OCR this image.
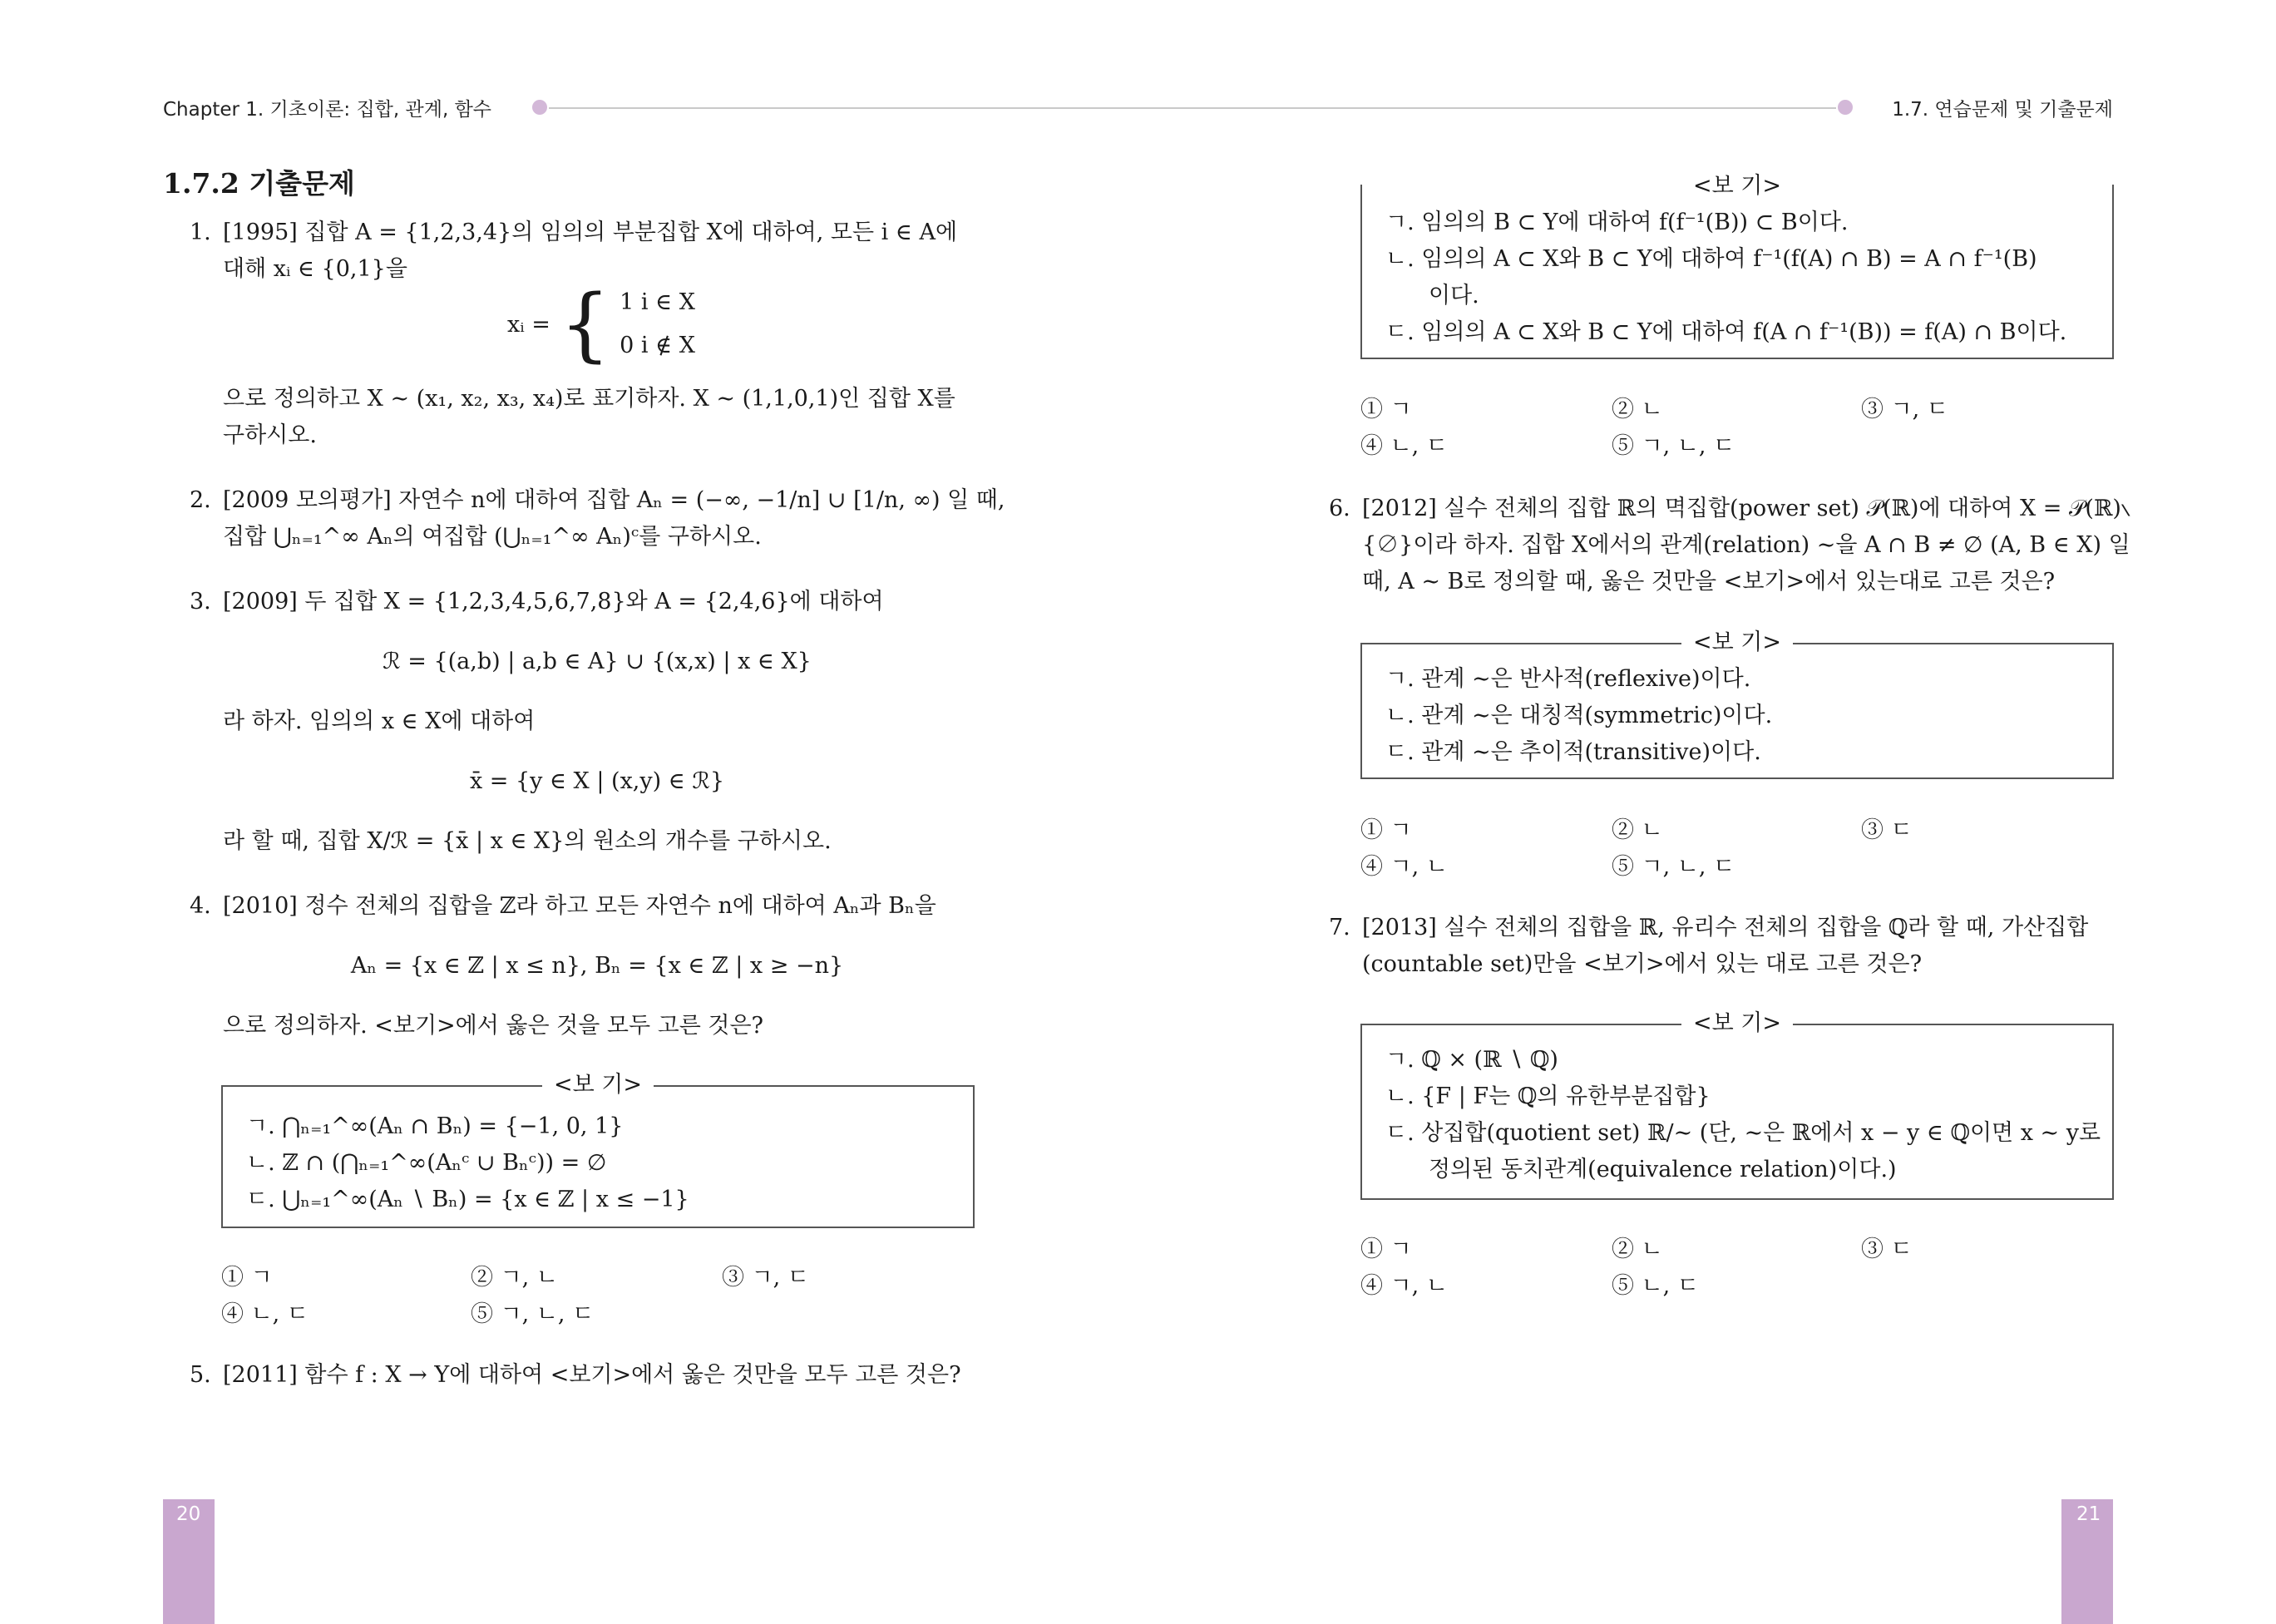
Chapter 1. 기초이론: 집합, 관계, 함수	1.7. 연습문제 및 기출문제
1.7.2 기출문제
1. [1995] 집합 A = {1,2,3,4}의 임의의 부분집합 X에 대하여, 모든 i ∈ A에
대해 xᵢ ∈ {0,1}을
xᵢ = { 1 i ∈ X
0 i ∉ X
으로 정의하고 X ∼ (x₁, x₂, x₃, x₄)로 표기하자. X ∼ (1,1,0,1)인 집합 X를
구하시오.
2. [2009 모의평가] 자연수 n에 대하여 집합 Aₙ = (−∞, −1/n] ∪ [1/n, ∞) 일 때,
집합 ⋃ₙ₌₁^∞ Aₙ의 여집합 (⋃ₙ₌₁^∞ Aₙ)ᶜ를 구하시오.
3. [2009] 두 집합 X = {1,2,3,4,5,6,7,8}와 A = {2,4,6}에 대하여
ℛ = {(a,b) | a,b ∈ A} ∪ {(x,x) | x ∈ X}
라 하자. 임의의 x ∈ X에 대하여
x̄ = {y ∈ X | (x,y) ∈ ℛ}
라 할 때, 집합 X/ℛ = {x̄ | x ∈ X}의 원소의 개수를 구하시오.
4. [2010] 정수 전체의 집합을 ℤ라 하고 모든 자연수 n에 대하여 Aₙ과 Bₙ을
Aₙ = {x ∈ ℤ | x ≤ n}, Bₙ = {x ∈ ℤ | x ≥ −n}
으로 정의하자. <보기>에서 옳은 것을 모두 고른 것은?
<보 기>
ㄱ. ⋂ₙ₌₁^∞(Aₙ ∩ Bₙ) = {−1, 0, 1}
ㄴ. ℤ ∩ (⋂ₙ₌₁^∞(Aₙᶜ ∪ Bₙᶜ)) = ∅
ㄷ. ⋃ₙ₌₁^∞(Aₙ ∖ Bₙ) = {x ∈ ℤ | x ≤ −1}
① ㄱ	② ㄱ, ㄴ	③ ㄱ, ㄷ
④ ㄴ, ㄷ	⑤ ㄱ, ㄴ, ㄷ
5. [2011] 함수 f : X → Y에 대하여 <보기>에서 옳은 것만을 모두 고른 것은?
20
<보 기>
ㄱ. 임의의 B ⊂ Y에 대하여 f(f⁻¹(B)) ⊂ B이다.
ㄴ. 임의의 A ⊂ X와 B ⊂ Y에 대하여 f⁻¹(f(A) ∩ B) = A ∩ f⁻¹(B)
이다.
ㄷ. 임의의 A ⊂ X와 B ⊂ Y에 대하여 f(A ∩ f⁻¹(B)) = f(A) ∩ B이다.
① ㄱ	② ㄴ	③ ㄱ, ㄷ
④ ㄴ, ㄷ	⑤ ㄱ, ㄴ, ㄷ
6. [2012] 실수 전체의 집합 ℝ의 멱집합(power set) 𝒫(ℝ)에 대하여 X = 𝒫(ℝ)∖
{∅}이라 하자. 집합 X에서의 관계(relation) ∼을 A ∩ B ≠ ∅ (A, B ∈ X) 일
때, A ∼ B로 정의할 때, 옳은 것만을 <보기>에서 있는대로 고른 것은?
<보 기>
ㄱ. 관계 ∼은 반사적(reflexive)이다.
ㄴ. 관계 ∼은 대칭적(symmetric)이다.
ㄷ. 관계 ∼은 추이적(transitive)이다.
① ㄱ	② ㄴ	③ ㄷ
④ ㄱ, ㄴ	⑤ ㄱ, ㄴ, ㄷ
7. [2013] 실수 전체의 집합을 ℝ, 유리수 전체의 집합을 ℚ라 할 때, 가산집합
(countable set)만을 <보기>에서 있는 대로 고른 것은?
<보 기>
ㄱ. ℚ × (ℝ ∖ ℚ)
ㄴ. {F | F는 ℚ의 유한부분집합}
ㄷ. 상집합(quotient set) ℝ/∼ (단, ∼은 ℝ에서 x − y ∈ ℚ이면 x ∼ y로
정의된 동치관계(equivalence relation)이다.)
① ㄱ	② ㄴ	③ ㄷ
④ ㄱ, ㄴ	⑤ ㄴ, ㄷ
21
